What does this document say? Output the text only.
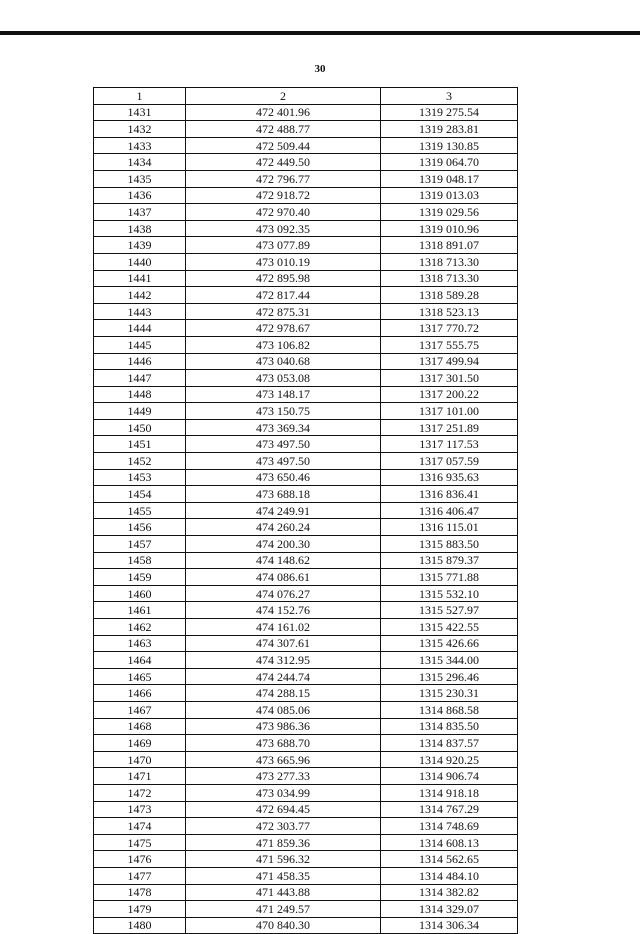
30
1	2	3
1431	472 401.96	1319 275.54
1432	472 488.77	1319 283.81
1433	472 509.44	1319 130.85
1434	472 449.50	1319 064.70
1435	472 796.77	1319 048.17
1436	472 918.72	1319 013.03
1437	472 970.40	1319 029.56
1438	473 092.35	1319 010.96
1439	473 077.89	1318 891.07
1440	473 010.19	1318 713.30
1441	472 895.98	1318 713.30
1442	472 817.44	1318 589.28
1443	472 875.31	1318 523.13
1444	472 978.67	1317 770.72
1445	473 106.82	1317 555.75
1446	473 040.68	1317 499.94
1447	473 053.08	1317 301.50
1448	473 148.17	1317 200.22
1449	473 150.75	1317 101.00
1450	473 369.34	1317 251.89
1451	473 497.50	1317 117.53
1452	473 497.50	1317 057.59
1453	473 650.46	1316 935.63
1454	473 688.18	1316 836.41
1455	474 249.91	1316 406.47
1456	474 260.24	1316 115.01
1457	474 200.30	1315 883.50
1458	474 148.62	1315 879.37
1459	474 086.61	1315 771.88
1460	474 076.27	1315 532.10
1461	474 152.76	1315 527.97
1462	474 161.02	1315 422.55
1463	474 307.61	1315 426.66
1464	474 312.95	1315 344.00
1465	474 244.74	1315 296.46
1466	474 288.15	1315 230.31
1467	474 085.06	1314 868.58
1468	473 986.36	1314 835.50
1469	473 688.70	1314 837.57
1470	473 665.96	1314 920.25
1471	473 277.33	1314 906.74
1472	473 034.99	1314 918.18
1473	472 694.45	1314 767.29
1474	472 303.77	1314 748.69
1475	471 859.36	1314 608.13
1476	471 596.32	1314 562.65
1477	471 458.35	1314 484.10
1478	471 443.88	1314 382.82
1479	471 249.57	1314 329.07
1480	470 840.30	1314 306.34
